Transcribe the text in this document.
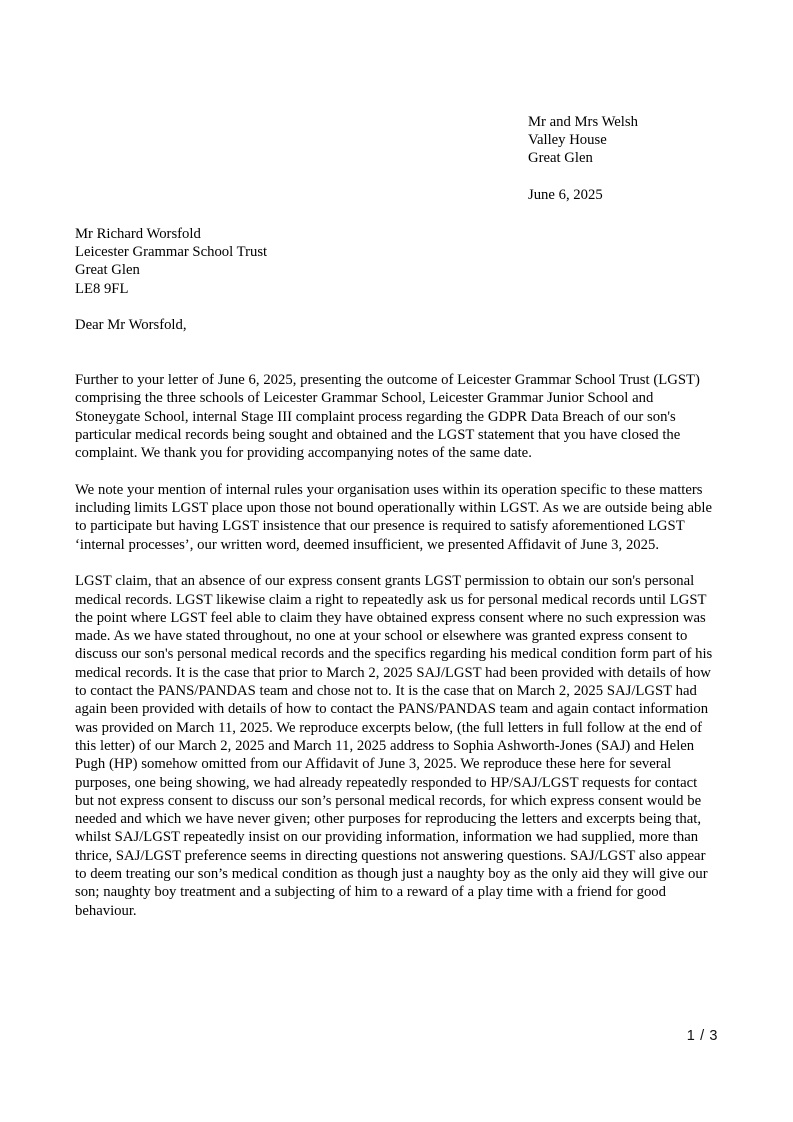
Mr and Mrs Welsh
Valley House
Great Glen
June 6, 2025
Mr Richard Worsfold
Leicester Grammar School Trust
Great Glen
LE8 9FL
Dear Mr Worsfold,

Further to your letter of June 6, 2025, presenting the outcome of Leicester Grammar School Trust (LGST) comprising the three schools of Leicester Grammar School, Leicester Grammar Junior School and Stoneygate School, internal Stage III complaint process regarding the GDPR Data Breach of our son's particular medical records being sought and obtained and the LGST statement that you have closed the complaint. We thank you for providing accompanying notes of the same date.

We note your mention of internal rules your organisation uses within its operation specific to these matters including limits LGST place upon those not bound operationally within LGST. As we are outside being able to participate but having LGST insistence that our presence is required to satisfy aforementioned LGST ‘internal processes’, our written word, deemed insufficient, we presented Affidavit of June 3, 2025.

LGST claim, that an absence of our express consent grants LGST permission to obtain our son's personal medical records. LGST likewise claim a right to repeatedly ask us for personal medical records until LGST the point where LGST feel able to claim they have obtained express consent where no such expression was made. As we have stated throughout, no one at your school or elsewhere was granted express consent to discuss our son's personal medical records and the specifics regarding his medical condition form part of his medical records. It is the case that prior to March 2, 2025 SAJ/LGST had been provided with details of how to contact the PANS/PANDAS team and chose not to. It is the case that on March 2, 2025 SAJ/LGST had again been provided with details of how to contact the PANS/PANDAS team and again contact information was provided on March 11, 2025. We reproduce excerpts below, (the full letters in full follow at the end of this letter) of our March 2, 2025 and March 11, 2025 address to Sophia Ashworth-Jones (SAJ) and Helen Pugh (HP) somehow omitted from our Affidavit of June 3, 2025. We reproduce these here for several purposes, one being showing, we had already repeatedly responded to HP/SAJ/LGST requests for contact but not express consent to discuss our son’s personal medical records, for which express consent would be needed and which we have never given; other purposes for reproducing the letters and excerpts being that, whilst SAJ/LGST repeatedly insist on our providing information, information we had supplied, more than thrice, SAJ/LGST preference seems in directing questions not answering questions. SAJ/LGST also appear to deem treating our son’s medical condition as though just a naughty boy as the only aid they will give our son; naughty boy treatment and a subjecting of him to a reward of a play time with a friend for good behaviour.

1 / 3
